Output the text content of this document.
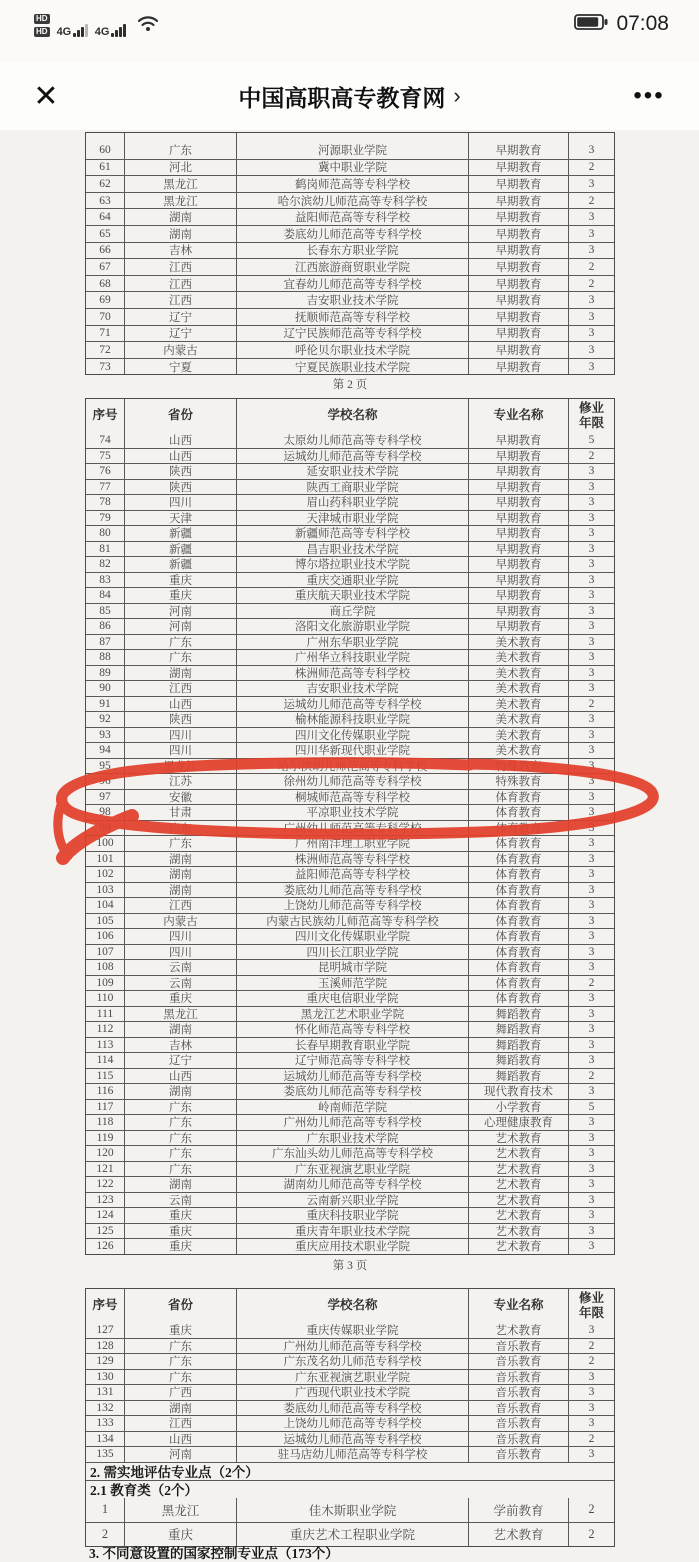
HD
HD 4G 4G	07:08
✕	中国高职高专教育网 ›	•••
60	广东	河源职业学院	早期教育	3
61	河北	冀中职业学院	早期教育	2
62	黑龙江	鹤岗师范高等专科学校	早期教育	3
63	黑龙江	哈尔滨幼儿师范高等专科学校	早期教育	2
64	湖南	益阳师范高等专科学校	早期教育	3
65	湖南	娄底幼儿师范高等专科学校	早期教育	3
66	吉林	长春东方职业学院	早期教育	3
67	江西	江西旅游商贸职业学院	早期教育	2
68	江西	宜春幼儿师范高等专科学校	早期教育	2
69	江西	吉安职业技术学院	早期教育	3
70	辽宁	抚顺师范高等专科学校	早期教育	3
71	辽宁	辽宁民族师范高等专科学校	早期教育	3
72	内蒙古	呼伦贝尔职业技术学院	早期教育	3
73	宁夏	宁夏民族职业技术学院	早期教育	3
第 2 页
序号	省份	学校名称	专业名称
修业年限
74	山西	太原幼儿师范高等专科学校	早期教育	5
75	山西	运城幼儿师范高等专科学校	早期教育	2
76	陕西	延安职业技术学院	早期教育	3
77	陕西	陕西工商职业学院	早期教育	3
78	四川	眉山药科职业学院	早期教育	3
79	天津	天津城市职业学院	早期教育	3
80	新疆	新疆师范高等专科学校	早期教育	3
81	新疆	昌吉职业技术学院	早期教育	3
82	新疆	博尔塔拉职业技术学院	早期教育	3
83	重庆	重庆交通职业学院	早期教育	3
84	重庆	重庆航天职业技术学院	早期教育	3
85	河南	商丘学院	早期教育	3
86	河南	洛阳文化旅游职业学院	早期教育	3
87	广东	广州东华职业学院	美术教育	3
88	广东	广州华立科技职业学院	美术教育	3
89	湖南	株洲师范高等专科学校	美术教育	3
90	江西	吉安职业技术学院	美术教育	3
91	山西	运城幼儿师范高等专科学校	美术教育	2
92	陕西	榆林能源科技职业学院	美术教育	3
93	四川	四川文化传媒职业学院	美术教育	3
94	四川	四川华新现代职业学院	美术教育	3
95	黑龙江	哈尔滨幼儿师范高等专科学校	特殊教育	3
96	江苏	徐州幼儿师范高等专科学校	特殊教育	3
97	安徽	桐城师范高等专科学校	体育教育	3
98	甘肃	平凉职业技术学院	体育教育	3
99	广东	广州幼儿师范高等专科学校	体育教育	3
100	广东	广州南洋理工职业学院	体育教育	3
101	湖南	株洲师范高等专科学校	体育教育	3
102	湖南	益阳师范高等专科学校	体育教育	3
103	湖南	娄底幼儿师范高等专科学校	体育教育	3
104	江西	上饶幼儿师范高等专科学校	体育教育	3
105	内蒙古	内蒙古民族幼儿师范高等专科学校	体育教育	3
106	四川	四川文化传媒职业学院	体育教育	3
107	四川	四川长江职业学院	体育教育	3
108	云南	昆明城市学院	体育教育	3
109	云南	玉溪师范学院	体育教育	2
110	重庆	重庆电信职业学院	体育教育	3
111	黑龙江	黑龙江艺术职业学院	舞蹈教育	3
112	湖南	怀化师范高等专科学校	舞蹈教育	3
113	吉林	长春早期教育职业学院	舞蹈教育	3
114	辽宁	辽宁师范高等专科学校	舞蹈教育	3
115	山西	运城幼儿师范高等专科学校	舞蹈教育	2
116	湖南	娄底幼儿师范高等专科学校	现代教育技术	3
117	广东	岭南师范学院	小学教育	5
118	广东	广州幼儿师范高等专科学校	心理健康教育	3
119	广东	广东职业技术学院	艺术教育	3
120	广东	广东汕头幼儿师范高等专科学校	艺术教育	3
121	广东	广东亚视演艺职业学院	艺术教育	3
122	湖南	湖南幼儿师范高等专科学校	艺术教育	3
123	云南	云南新兴职业学院	艺术教育	3
124	重庆	重庆科技职业学院	艺术教育	3
125	重庆	重庆青年职业技术学院	艺术教育	3
126	重庆	重庆应用技术职业学院	艺术教育	3
第 3 页
序号	省份	学校名称	专业名称
修业年限
127	重庆	重庆传媒职业学院	艺术教育	3
128	广东	广州幼儿师范高等专科学校	音乐教育	2
129	广东	广东茂名幼儿师范专科学校	音乐教育	2
130	广东	广东亚视演艺职业学院	音乐教育	3
131	广西	广西现代职业技术学院	音乐教育	3
132	湖南	娄底幼儿师范高等专科学校	音乐教育	3
133	江西	上饶幼儿师范高等专科学校	音乐教育	3
134	山西	运城幼儿师范高等专科学校	音乐教育	2
135	河南	驻马店幼儿师范高等专科学校	音乐教育	3
2. 需实地评估专业点（2个）
2.1 教育类（2个）
1	黑龙江	佳木斯职业学院	学前教育	2
2	重庆	重庆艺术工程职业学院	艺术教育	2
3. 不同意设置的国家控制专业点（173个）
